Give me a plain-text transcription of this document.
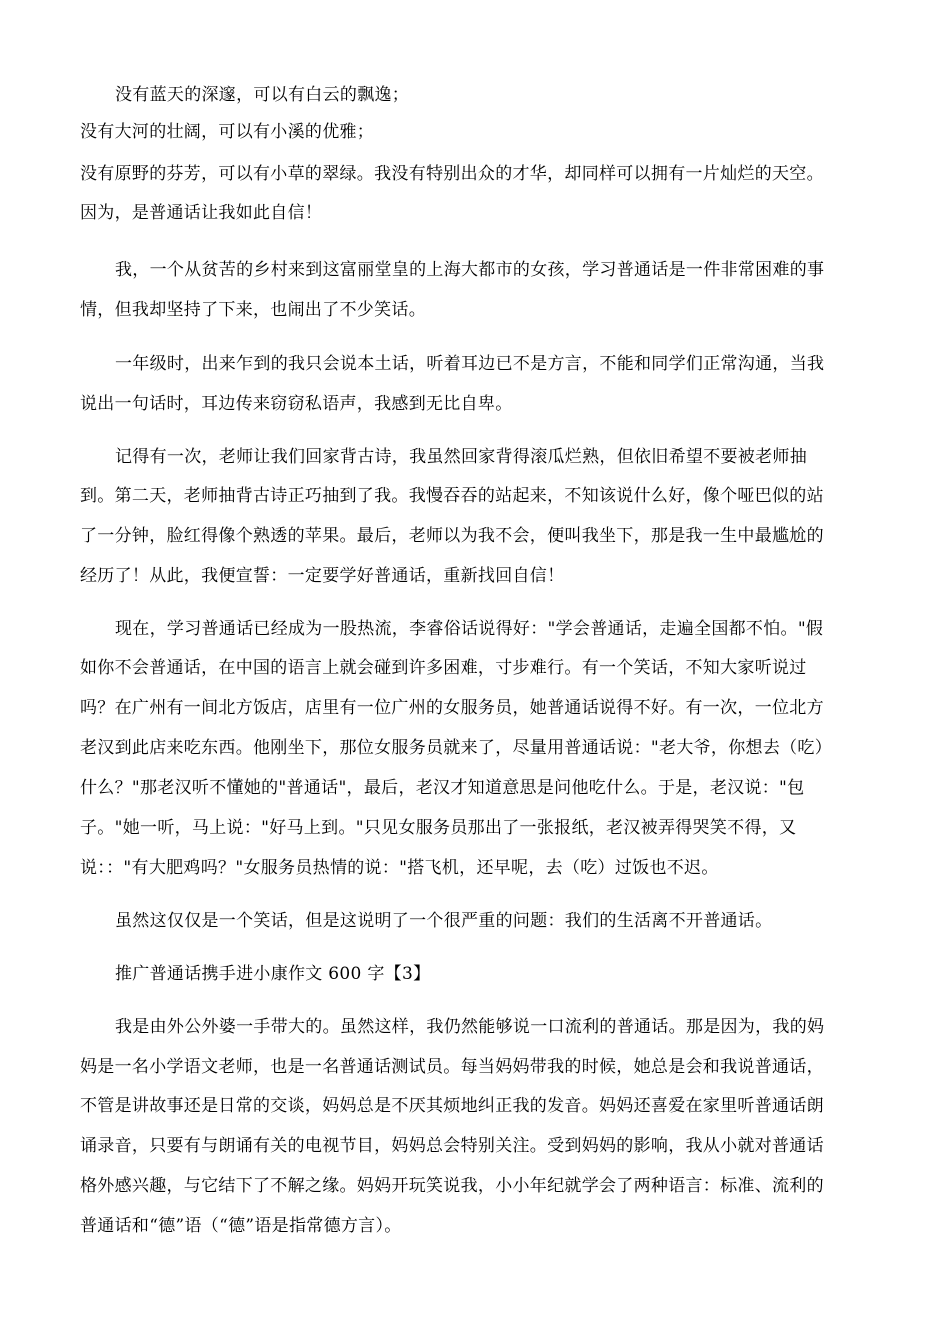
没有蓝天的深邃，可以有白云的飘逸；
没有大河的壮阔，可以有小溪的优雅；
没有原野的芬芳，可以有小草的翠绿。我没有特别出众的才华，却同样可以拥有一片灿烂的天空。
因为，是普通话让我如此自信！
我，一个从贫苦的乡村来到这富丽堂皇的上海大都市的女孩，学习普通话是一件非常困难的事
情，但我却坚持了下来，也闹出了不少笑话。
一年级时，出来乍到的我只会说本土话，听着耳边已不是方言，不能和同学们正常沟通，当我
说出一句话时，耳边传来窃窃私语声，我感到无比自卑。
记得有一次，老师让我们回家背古诗，我虽然回家背得滚瓜烂熟，但依旧希望不要被老师抽
到。第二天，老师抽背古诗正巧抽到了我。我慢吞吞的站起来，不知该说什么好，像个哑巴似的站
了一分钟，脸红得像个熟透的苹果。最后，老师以为我不会，便叫我坐下，那是我一生中最尴尬的
经历了！从此，我便宣誓：一定要学好普通话，重新找回自信！
现在，学习普通话已经成为一股热流，李睿俗话说得好："学会普通话，走遍全国都不怕。"假
如你不会普通话，在中国的语言上就会碰到许多困难，寸步难行。有一个笑话，不知大家听说过
吗？在广州有一间北方饭店，店里有一位广州的女服务员，她普通话说得不好。有一次，一位北方
老汉到此店来吃东西。他刚坐下，那位女服务员就来了，尽量用普通话说："老大爷，你想去（吃）
什么？"那老汉听不懂她的"普通话"，最后，老汉才知道意思是问他吃什么。于是，老汉说："包
子。"她一听，马上说："好马上到。"只见女服务员那出了一张报纸，老汉被弄得哭笑不得，又
说：："有大肥鸡吗？"女服务员热情的说："搭飞机，还早呢，去（吃）过饭也不迟。
虽然这仅仅是一个笑话，但是这说明了一个很严重的问题：我们的生活离不开普通话。
推广普通话携手进小康作文 600 字【3】
我是由外公外婆一手带大的。虽然这样，我仍然能够说一口流利的普通话。那是因为，我的妈
妈是一名小学语文老师，也是一名普通话测试员。每当妈妈带我的时候，她总是会和我说普通话，
不管是讲故事还是日常的交谈，妈妈总是不厌其烦地纠正我的发音。妈妈还喜爱在家里听普通话朗
诵录音，只要有与朗诵有关的电视节目，妈妈总会特别关注。受到妈妈的影响，我从小就对普通话
格外感兴趣，与它结下了不解之缘。妈妈开玩笑说我，小小年纪就学会了两种语言：标准、流利的
普通话和“德”语（“德”语是指常德方言）。
